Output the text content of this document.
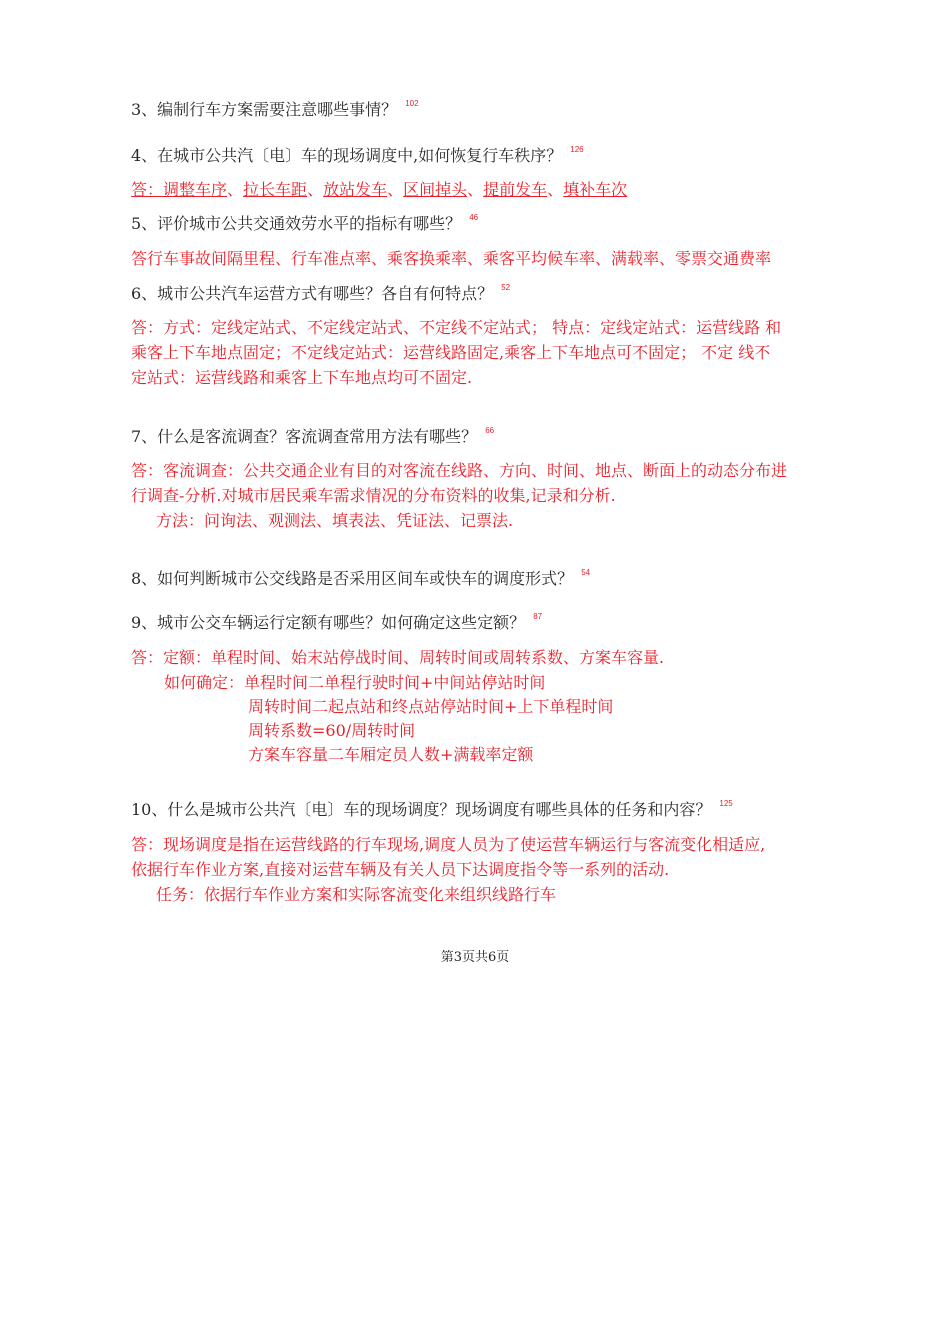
3、编制行车方案需要注意哪些事情？ $^{102}$
4、在城市公共汽〔电〕车的现场调度中,如何恢复行车秩序？ $^{126}$
答：调整车序、拉长车距、放站发车、区间掉头、提前发车、填补车次
5、评价城市公共交通效劳水平的指标有哪些？ $^{46}$
答行车事故间隔里程、行车准点率、乘客换乘率、乘客平均候车率、满载率、零票交通费率
6、城市公共汽车运营方式有哪些？各自有何特点？ $^{52}$
答：方式：定线定站式、不定线定站式、不定线不定站式； 特点：定线定站式：运营线路 和
乘客上下车地点固定；不定线定站式：运营线路固定,乘客上下车地点可不固定； 不定 线不
定站式：运营线路和乘客上下车地点均可不固定.
7、什么是客流调查？客流调查常用方法有哪些？ $^{66}$
答：客流调查：公共交通企业有目的对客流在线路、方向、时间、地点、断面上的动态分布进
行调查-分析.对城市居民乘车需求情况的分布资料的收集,记录和分析.
方法：问询法、观测法、填表法、凭证法、记票法.
8、如何判断城市公交线路是否采用区间车或快车的调度形式？ $^{54}$
9、城市公交车辆运行定额有哪些？如何确定这些定额？ $^{87}$
答：定额：单程时间、始末站停战时间、周转时间或周转系数、方案车容量.
如何确定：单程时间二单程行驶时间+中间站停站时间
周转时间二起点站和终点站停站时间+上下单程时间
周转系数=60/周转时间
方案车容量二车厢定员人数+满载率定额
10、什么是城市公共汽〔电〕车的现场调度？现场调度有哪些具体的任务和内容？ $^{125}$
答：现场调度是指在运营线路的行车现场,调度人员为了使运营车辆运行与客流变化相适应,
依据行车作业方案,直接对运营车辆及有关人员下达调度指令等一系列的活动.
任务：依据行车作业方案和实际客流变化来组织线路行车
第3页共6页
